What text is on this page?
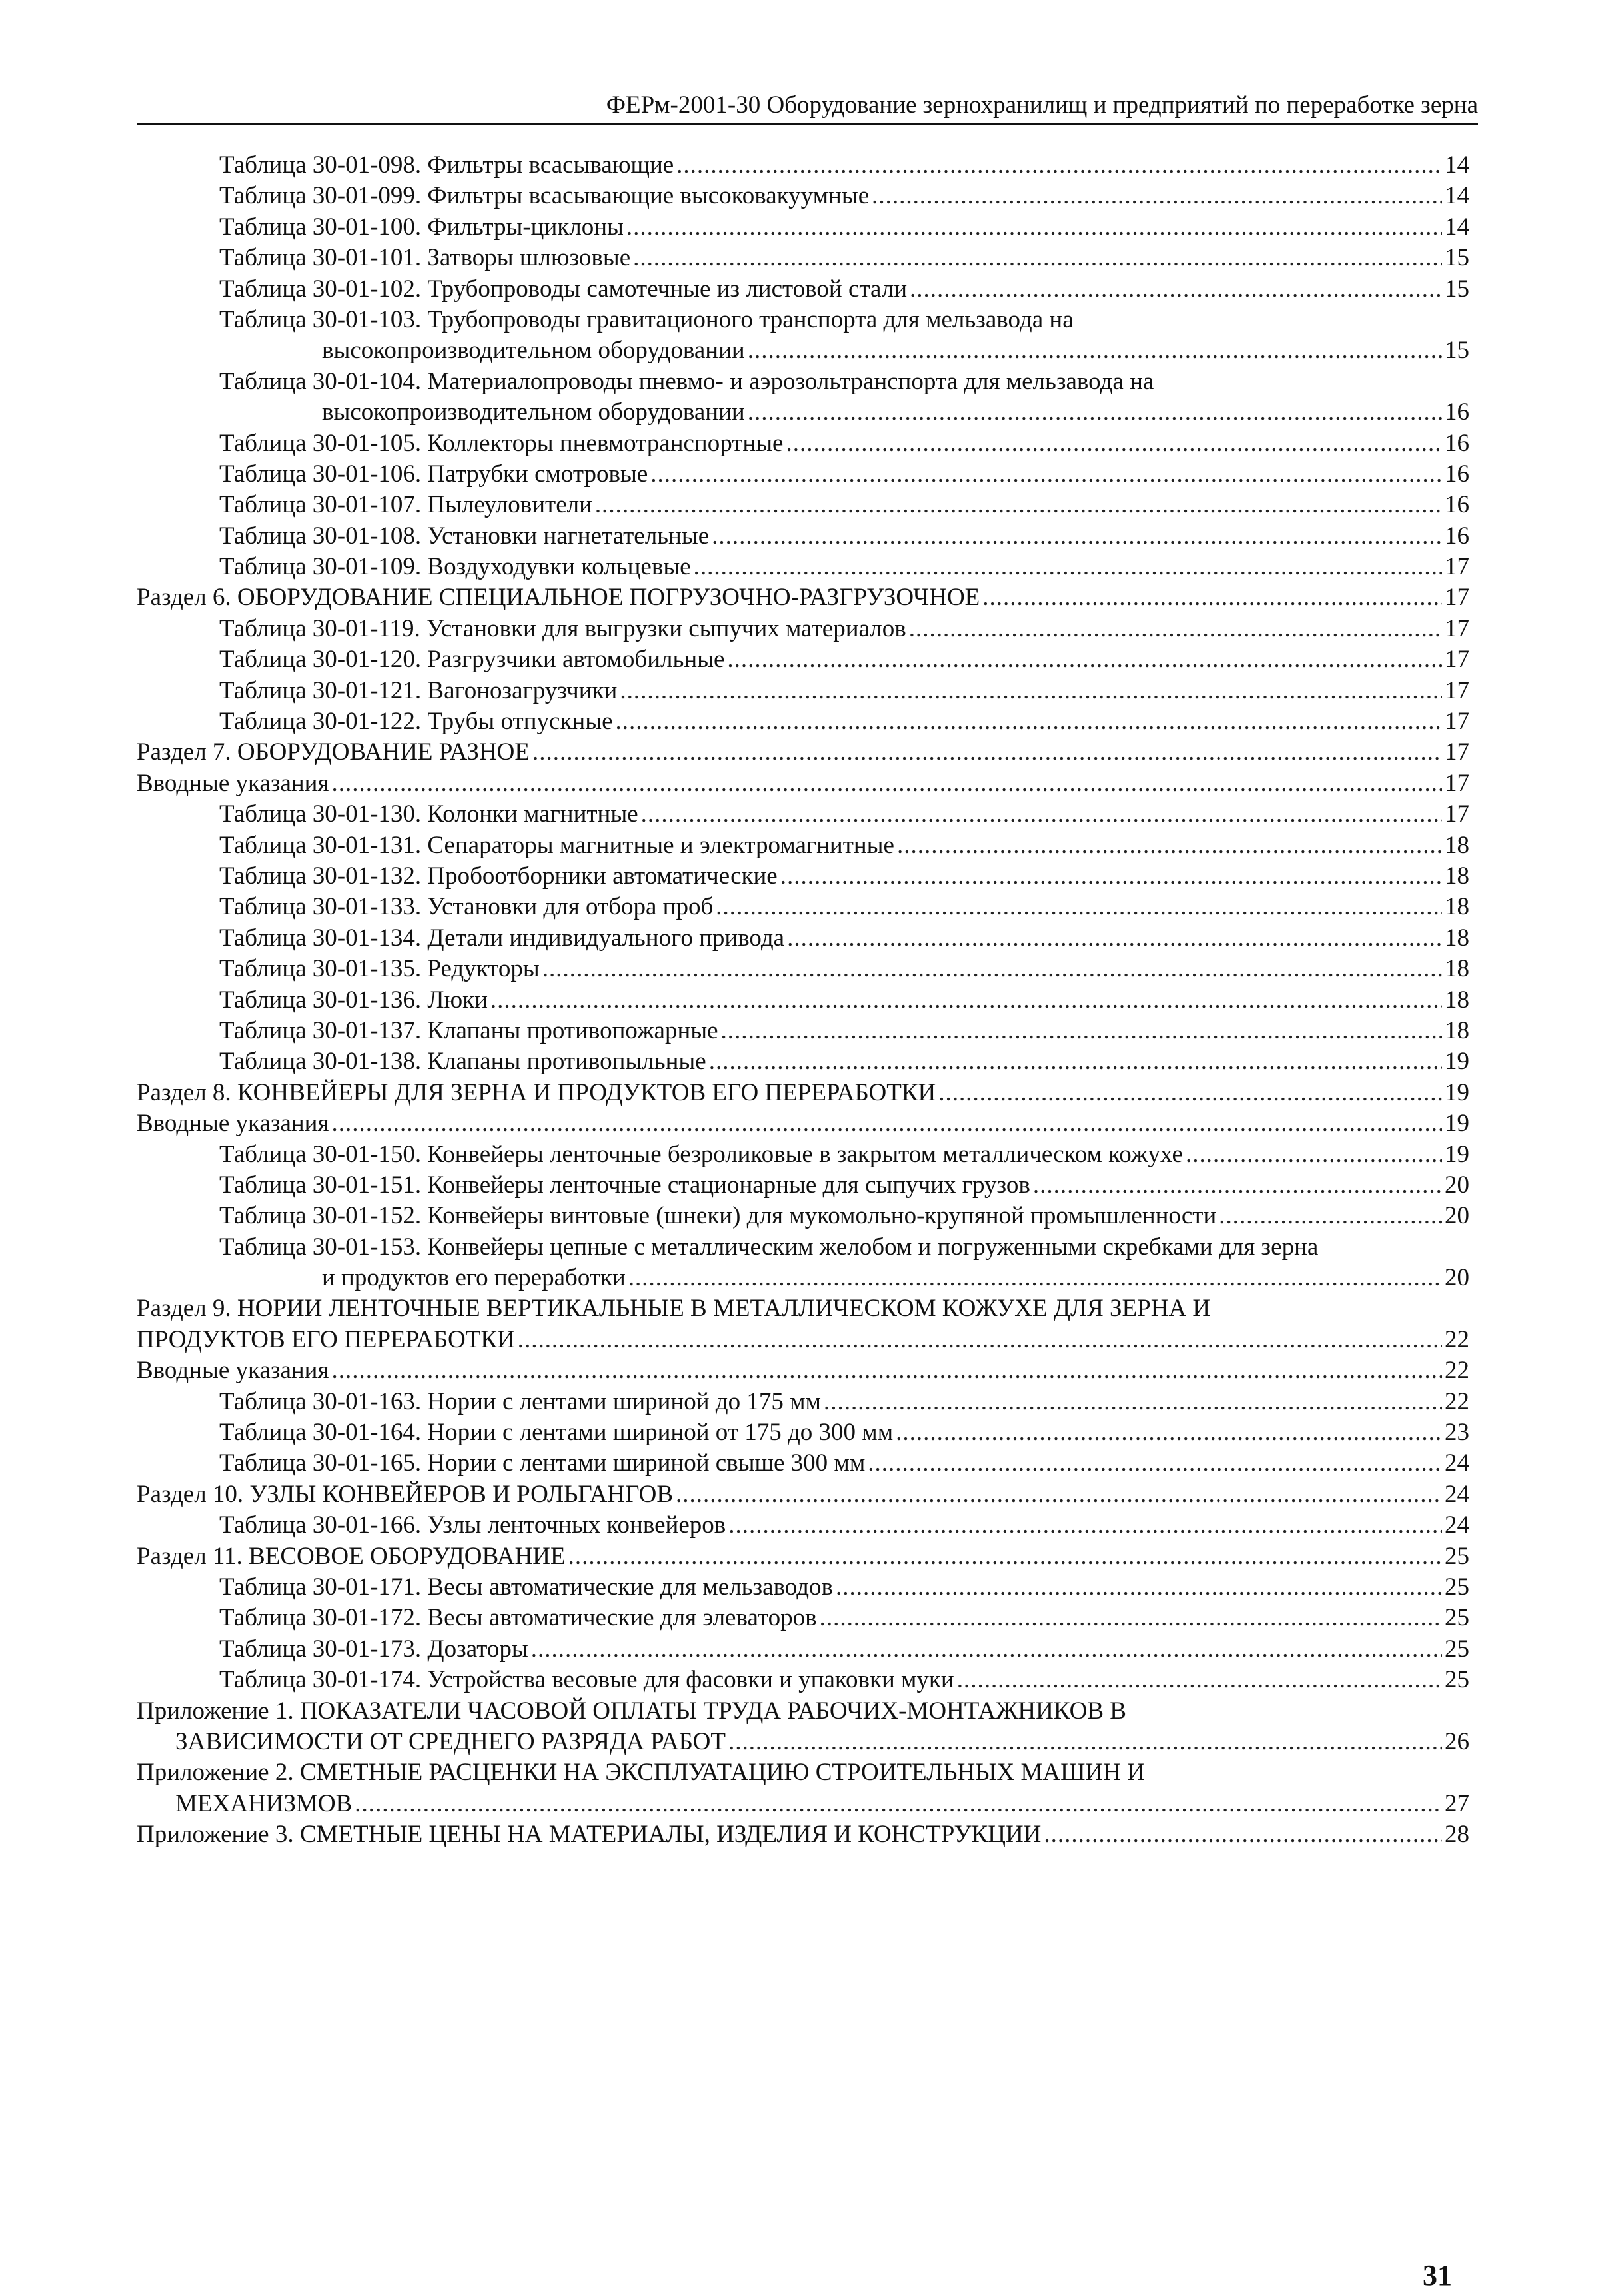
ФЕРм-2001-30 Оборудование зернохранилищ и предприятий по переработке зерна
Таблица 30-01-098. Фильтры всасывающие .....	14
Таблица 30-01-099. Фильтры всасывающие высоковакуумные .....	14
Таблица 30-01-100. Фильтры-циклоны .....	14
Таблица 30-01-101. Затворы шлюзовые .....	15
Таблица 30-01-102. Трубопроводы самотечные из листовой стали .....	15
Таблица 30-01-103. Трубопроводы гравитационого транспорта для мельзавода на
высокопроизводительном оборудовании .....	15
Таблица 30-01-104. Материалопроводы пневмо- и аэрозольтранспорта для мельзавода на
высокопроизводительном оборудовании .....	16
Таблица 30-01-105. Коллекторы пневмотранспортные .....	16
Таблица 30-01-106. Патрубки смотровые .....	16
Таблица 30-01-107. Пылеуловители .....	16
Таблица 30-01-108. Установки нагнетательные .....	16
Таблица 30-01-109. Воздуходувки кольцевые .....	17
Раздел 6. ОБОРУДОВАНИЕ СПЕЦИАЛЬНОЕ ПОГРУЗОЧНО-РАЗГРУЗОЧНОЕ .....	17
Таблица 30-01-119. Установки для выгрузки сыпучих материалов .....	17
Таблица 30-01-120. Разгрузчики автомобильные .....	17
Таблица 30-01-121. Вагонозагрузчики .....	17
Таблица 30-01-122. Трубы отпускные .....	17
Раздел 7. ОБОРУДОВАНИЕ РАЗНОЕ .....	17
Вводные указания .....	17
Таблица 30-01-130. Колонки магнитные .....	17
Таблица 30-01-131. Сепараторы магнитные и электромагнитные .....	18
Таблица 30-01-132. Пробоотборники автоматические .....	18
Таблица 30-01-133. Установки для отбора проб .....	18
Таблица 30-01-134. Детали индивидуального привода .....	18
Таблица 30-01-135. Редукторы .....	18
Таблица 30-01-136. Люки .....	18
Таблица 30-01-137. Клапаны противопожарные .....	18
Таблица 30-01-138. Клапаны противопыльные .....	19
Раздел 8. КОНВЕЙЕРЫ ДЛЯ ЗЕРНА И ПРОДУКТОВ ЕГО ПЕРЕРАБОТКИ .....	19
Вводные указания .....	19
Таблица 30-01-150. Конвейеры ленточные безроликовые в закрытом металлическом кожухе .....	19
Таблица 30-01-151. Конвейеры ленточные стационарные для сыпучих грузов .....	20
Таблица 30-01-152. Конвейеры винтовые (шнеки) для мукомольно-крупяной промышленности .....	20
Таблица 30-01-153. Конвейеры цепные с металлическим желобом и погруженными скребками для зерна
и продуктов его переработки .....	20
Раздел 9. НОРИИ ЛЕНТОЧНЫЕ ВЕРТИКАЛЬНЫЕ В МЕТАЛЛИЧЕСКОМ КОЖУХЕ ДЛЯ ЗЕРНА И
ПРОДУКТОВ ЕГО ПЕРЕРАБОТКИ .....	22
Вводные указания .....	22
Таблица 30-01-163. Нории с лентами шириной до 175 мм .....	22
Таблица 30-01-164. Нории с лентами шириной от 175 до 300 мм .....	23
Таблица 30-01-165. Нории с лентами шириной свыше 300 мм .....	24
Раздел 10. УЗЛЫ КОНВЕЙЕРОВ И РОЛЬГАНГОВ .....	24
Таблица 30-01-166. Узлы ленточных конвейеров .....	24
Раздел 11. ВЕСОВОЕ ОБОРУДОВАНИЕ .....	25
Таблица 30-01-171. Весы автоматические для мельзаводов .....	25
Таблица 30-01-172. Весы автоматические для элеваторов .....	25
Таблица 30-01-173. Дозаторы .....	25
Таблица 30-01-174. Устройства весовые для фасовки и упаковки муки .....	25
Приложение 1. ПОКАЗАТЕЛИ ЧАСОВОЙ ОПЛАТЫ ТРУДА РАБОЧИХ-МОНТАЖНИКОВ В
ЗАВИСИМОСТИ ОТ СРЕДНЕГО РАЗРЯДА РАБОТ .....	26
Приложение 2. СМЕТНЫЕ РАСЦЕНКИ НА ЭКСПЛУАТАЦИЮ СТРОИТЕЛЬНЫХ МАШИН И
МЕХАНИЗМОВ .....	27
Приложение 3. СМЕТНЫЕ ЦЕНЫ НА МАТЕРИАЛЫ, ИЗДЕЛИЯ И КОНСТРУКЦИИ .....	28
31
